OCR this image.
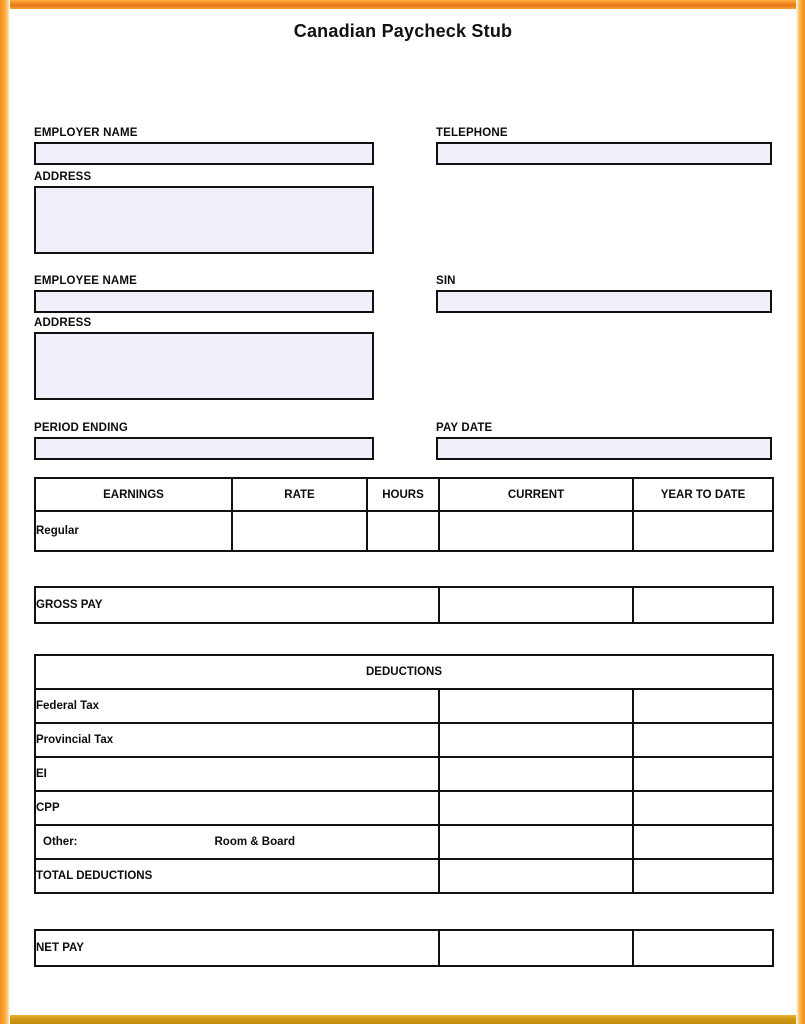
Canadian Paycheck Stub
EMPLOYER NAME	TELEPHONE
ADDRESS
EMPLOYEE NAME	SIN
ADDRESS
PERIOD ENDING	PAY DATE
EARNINGS	RATE	HOURS	CURRENT	YEAR TO DATE
Regular				
GROSS PAY		
DEDUCTIONS		
Federal Tax		
Provincial Tax		
EI		
CPP		

Other: Room & Board		

TOTAL DEDUCTIONS		
NET PAY		
